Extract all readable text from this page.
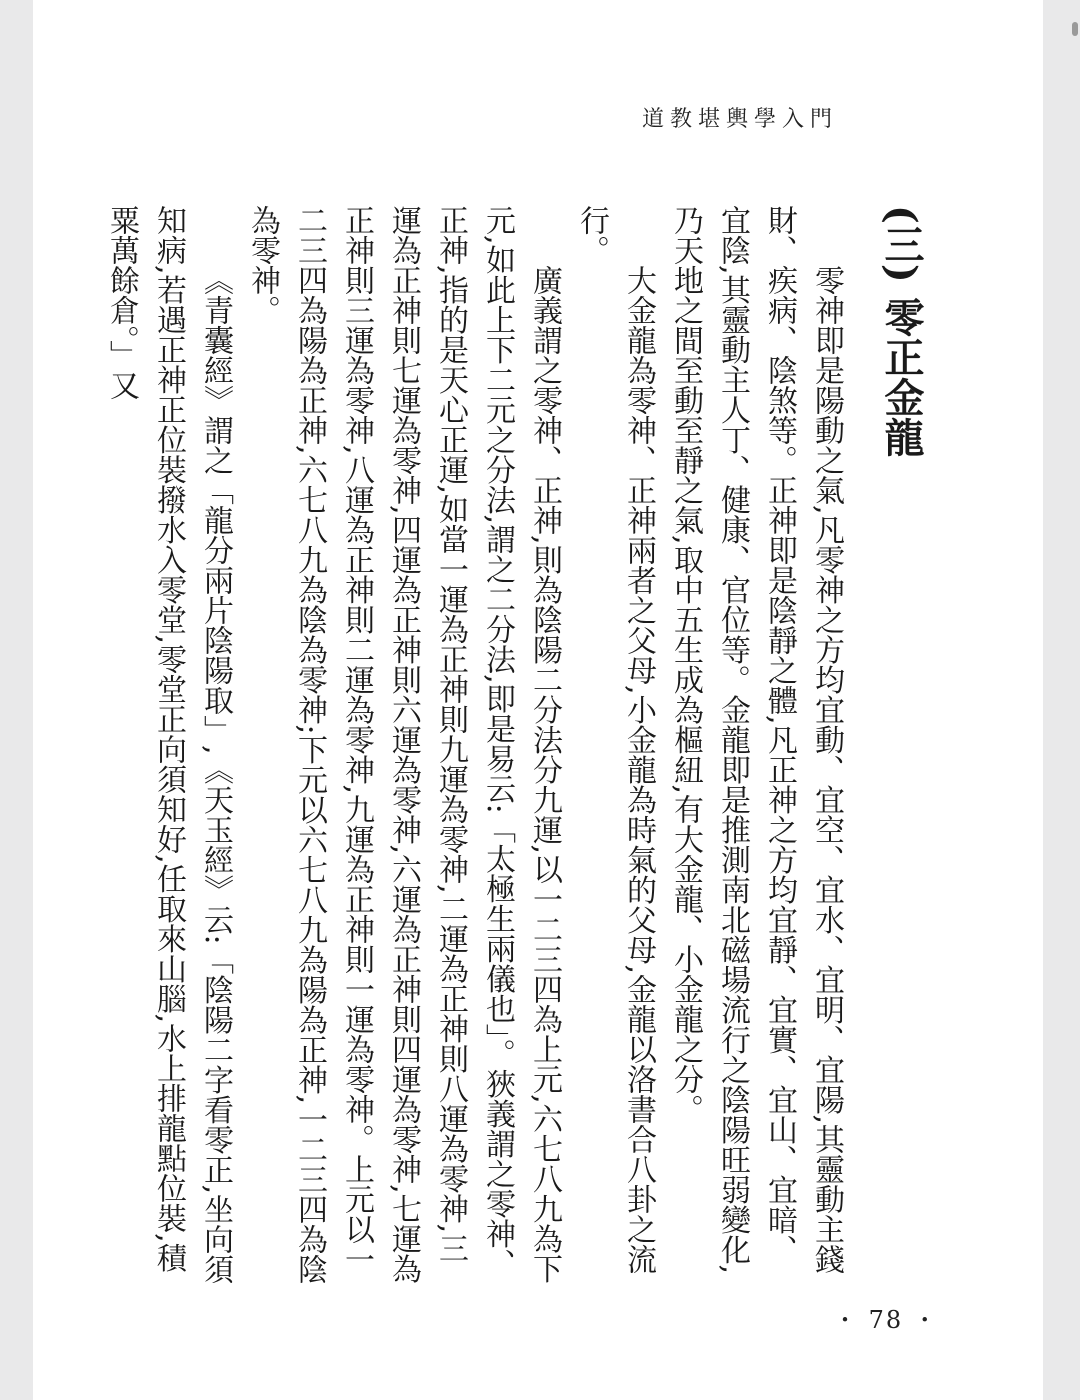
道教堪輿學入門

(三) 零正金龍

零神即是陽動之氣,凡零神之方均宜動、宜空、宜水、宜明、宜陽,其靈動主錢財、疾病、陰煞等。正神即是陰靜之體,凡正神之方均宜靜、宜實、宜山、宜暗、宜陰,其靈動主人丁、健康、官位等。金龍即是推測南北磁場流行之陰陽旺弱變化,乃天地之間至動至靜之氣,取中五生成為樞紐,有大金龍、小金龍之分。

大金龍為零神、正神兩者之父母,小金龍為時氣的父母,金龍以洛書合八卦之流行。

廣義謂之零神、正神,則為陰陽二分法分九運,以一二三四為上元,六七八九為下元,如此上下二元之分法,謂之二分法,即是易云:「太極生兩儀也」。狹義謂之零神、正神,指的是天心正運,如當一運為正神則九運為零神,二運為正神則八運為零神,三運為正神則七運為零神,四運為正神則六運為零神,六運為正神則四運為零神,七運為正神則三運為零神,八運為正神則二運為零神,九運為正神則一運為零神。上元以一二三四為陽為正神,六七八九為陰為零神;下元以六七八九為陽為正神,一二三四為陰為零神。

《青囊經》謂之「龍分兩片陰陽取」,《天玉經》云:「陰陽二字看零正,坐向須知病,若遇正神正位裝撥水入零堂,零堂正向須知好,任取來山腦,水上排龍點位裝,積粟萬餘倉。」又

・ 78 ・
